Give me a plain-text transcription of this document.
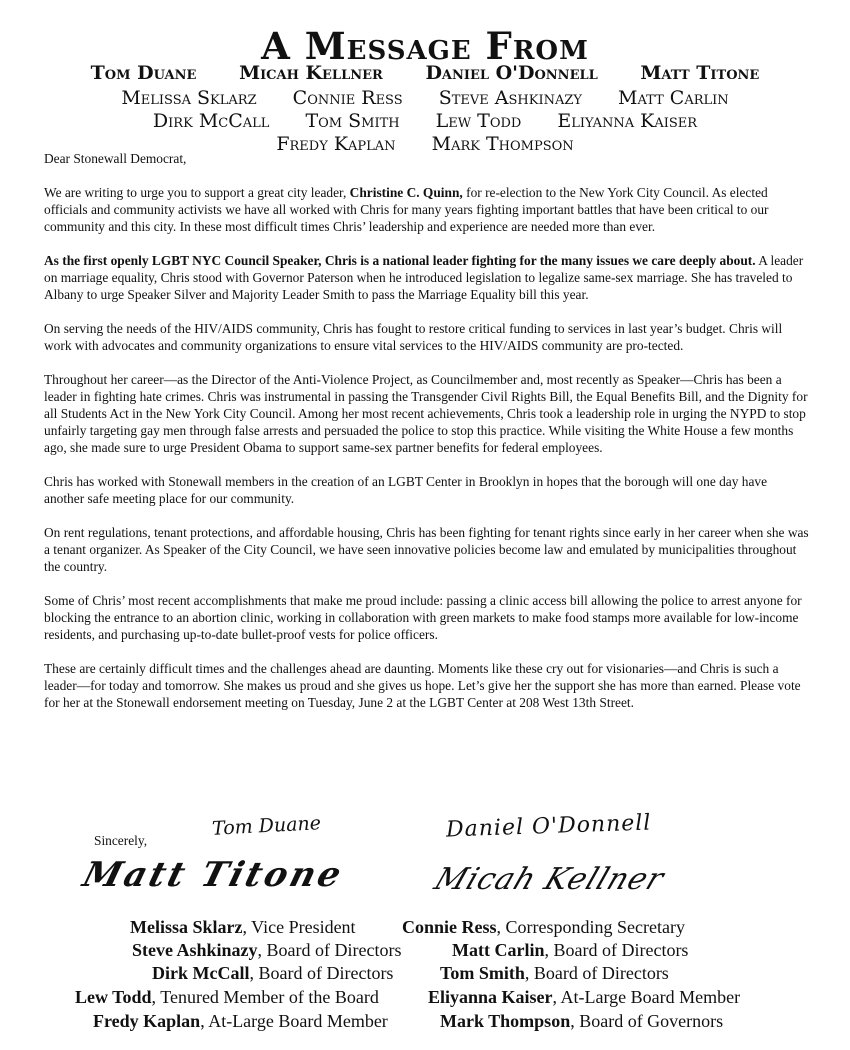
A Message From
Tom Duane Micah Kellner Daniel O'Donnell Matt Titone
Melissa Sklarz Connie Ress Steve Ashkinazy Matt Carlin
Dirk McCall Tom Smith Lew Todd Eliyanna Kaiser
Fredy Kaplan Mark Thompson

Dear Stonewall Democrat,

We are writing to urge you to support a great city leader, Christine C. Quinn, for re-election to the New York City Council. As elected officials and community activists we have all worked with Chris for many years fighting important battles that have been critical to our community and this city. In these most difficult times Chris’ leadership and experience are needed more than ever.

As the first openly LGBT NYC Council Speaker, Chris is a national leader fighting for the many issues we care deeply about. A leader on marriage equality, Chris stood with Governor Paterson when he introduced legislation to legalize same-sex marriage. She has traveled to Albany to urge Speaker Silver and Majority Leader Smith to pass the Marriage Equality bill this year.

On serving the needs of the HIV/AIDS community, Chris has fought to restore critical funding to services in last year’s budget. Chris will work with advocates and community organizations to ensure vital services to the HIV/AIDS community are pro-tected.

Throughout her career—as the Director of the Anti-Violence Project, as Councilmember and, most recently as Speaker—Chris has been a leader in fighting hate crimes. Chris was instrumental in passing the Transgender Civil Rights Bill, the Equal Benefits Bill, and the Dignity for all Students Act in the New York City Council. Among her most recent achievements, Chris took a leadership role in urging the NYPD to stop unfairly targeting gay men through false arrests and persuaded the police to stop this practice. While visiting the White House a few months ago, she made sure to urge President Obama to support same-sex partner benefits for federal employees.

Chris has worked with Stonewall members in the creation of an LGBT Center in Brooklyn in hopes that the borough will one day have another safe meeting place for our community.

On rent regulations, tenant protections, and affordable housing, Chris has been fighting for tenant rights since early in her career when she was a tenant organizer. As Speaker of the City Council, we have seen innovative policies become law and emulated by municipalities throughout the country.

Some of Chris’ most recent accomplishments that make me proud include: passing a clinic access bill allowing the police to arrest anyone for blocking the entrance to an abortion clinic, working in collaboration with green markets to make food stamps more available for low-income residents, and purchasing up-to-date bullet-proof vests for police officers.

These are certainly difficult times and the challenges ahead are daunting. Moments like these cry out for visionaries—and Chris is such a leader—for today and tomorrow. She makes us proud and she gives us hope. Let’s give her the support she has more than earned. Please vote for her at the Stonewall endorsement meeting on Tuesday, June 2 at the LGBT Center at 208 West 13th Street.

Sincerely,
Tom Duane	Daniel O'Donnell
Matt Titone	Micah Kellner
Melissa Sklarz, Vice President	Connie Ress, Corresponding Secretary
Steve Ashkinazy, Board of Directors	Matt Carlin, Board of Directors
Dirk McCall, Board of Directors	Tom Smith, Board of Directors
Lew Todd, Tenured Member of the Board	Eliyanna Kaiser, At-Large Board Member
Fredy Kaplan, At-Large Board Member	Mark Thompson, Board of Governors
